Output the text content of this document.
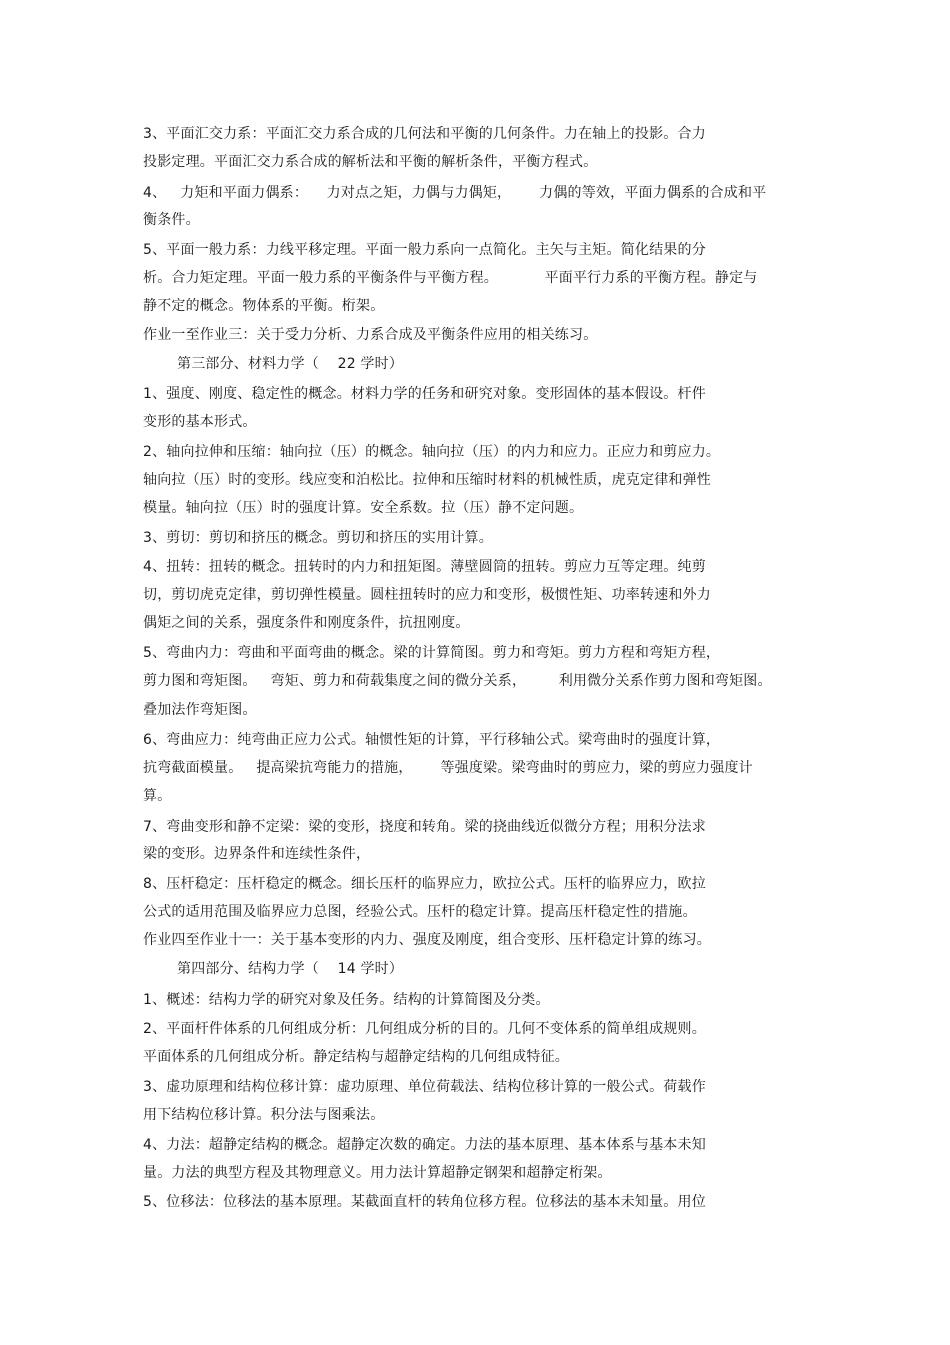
3、平面汇交力系：平面汇交力系合成的几何法和平衡的几何条件。力在轴上的投影。合力
投影定理。平面汇交力系合成的解析法和平衡的解析条件，平衡方程式。
4、   力矩和平面力偶系：    力对点之矩，力偶与力偶矩，      力偶的等效，平面力偶系的合成和平
衡条件。
5、平面一般力系：力线平移定理。平面一般力系向一点简化。主矢与主矩。简化结果的分
析。合力矩定理。平面一般力系的平衡条件与平衡方程。          平面平行力系的平衡方程。静定与
静不定的概念。物体系的平衡。桁架。
作业一至作业三：关于受力分析、力系合成及平衡条件应用的相关练习。
第三部分、材料力学（    22 学时）
1、强度、刚度、稳定性的概念。材料力学的任务和研究对象。变形固体的基本假设。杆件
变形的基本形式。
2、轴向拉伸和压缩：轴向拉（压）的概念。轴向拉（压）的内力和应力。正应力和剪应力。
轴向拉（压）时的变形。线应变和泊松比。拉伸和压缩时材料的机械性质，虎克定律和弹性
模量。轴向拉（压）时的强度计算。安全系数。拉（压）静不定问题。
3、剪切：剪切和挤压的概念。剪切和挤压的实用计算。
4、扭转：扭转的概念。扭转时的内力和扭矩图。薄壁圆筒的扭转。剪应力互等定理。纯剪
切，剪切虎克定律，剪切弹性模量。圆柱扭转时的应力和变形，极惯性矩、功率转速和外力
偶矩之间的关系，强度条件和刚度条件，抗扭刚度。
5、弯曲内力：弯曲和平面弯曲的概念。梁的计算简图。剪力和弯矩。剪力方程和弯矩方程，
剪力图和弯矩图。   弯矩、剪力和荷载集度之间的微分关系，       利用微分关系作剪力图和弯矩图。
叠加法作弯矩图。
6、弯曲应力：纯弯曲正应力公式。轴惯性矩的计算，平行移轴公式。梁弯曲时的强度计算，
抗弯截面模量。   提高梁抗弯能力的措施，      等强度梁。梁弯曲时的剪应力，梁的剪应力强度计
算。
7、弯曲变形和静不定梁：梁的变形，挠度和转角。梁的挠曲线近似微分方程；用积分法求
梁的变形。边界条件和连续性条件，
8、压杆稳定：压杆稳定的概念。细长压杆的临界应力，欧拉公式。压杆的临界应力，欧拉
公式的适用范围及临界应力总图，经验公式。压杆的稳定计算。提高压杆稳定性的措施。
作业四至作业十一：关于基本变形的内力、强度及刚度，组合变形、压杆稳定计算的练习。
第四部分、结构力学（    14 学时）
1、概述：结构力学的研究对象及任务。结构的计算简图及分类。
2、平面杆件体系的几何组成分析：几何组成分析的目的。几何不变体系的简单组成规则。
平面体系的几何组成分析。静定结构与超静定结构的几何组成特征。
3、虚功原理和结构位移计算：虚功原理、单位荷载法、结构位移计算的一般公式。荷载作
用下结构位移计算。积分法与图乘法。
4、力法：超静定结构的概念。超静定次数的确定。力法的基本原理、基本体系与基本未知
量。力法的典型方程及其物理意义。用力法计算超静定钢架和超静定桁架。
5、位移法：位移法的基本原理。某截面直杆的转角位移方程。位移法的基本未知量。用位
